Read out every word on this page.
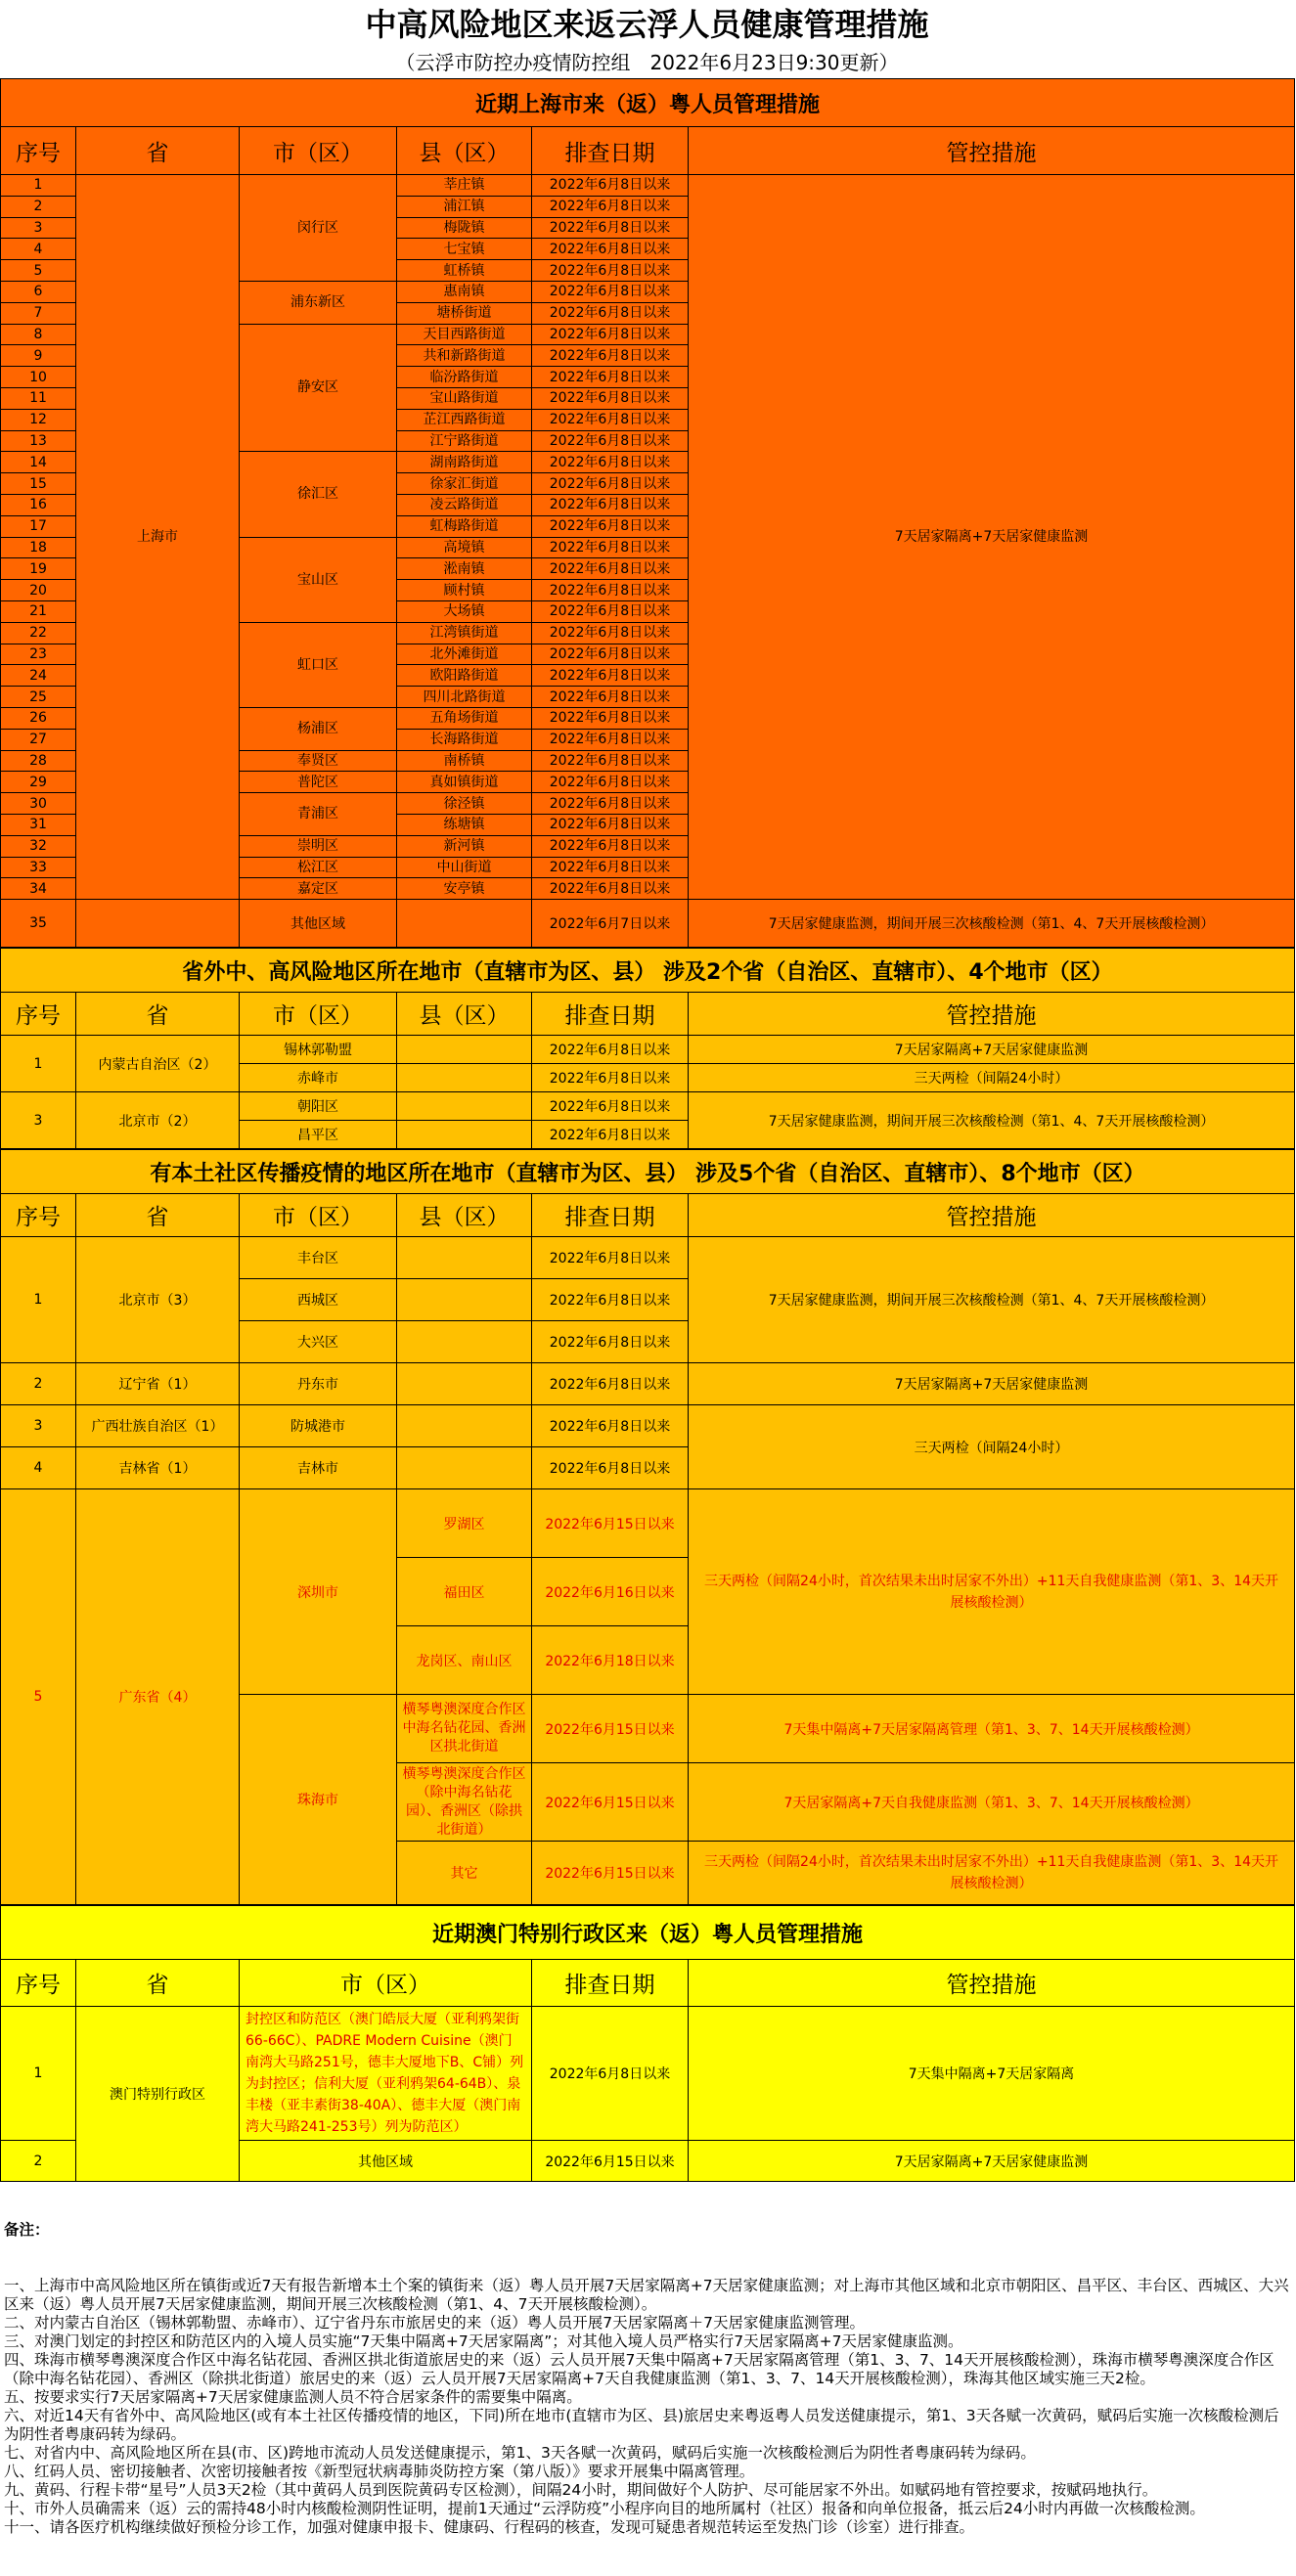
中高风险地区来返云浮人员健康管理措施
（云浮市防控办疫情防控组　2022年6月23日9:30更新）
近期上海市来（返）粤人员管理措施					
序号	省	市（区）	县（区）	排查日期	管控措施
1	上海市	闵行区	莘庄镇	2022年6月8日以来	7天居家隔离+7天居家健康监测
2			浦江镇	2022年6月8日以来	
3			梅陇镇	2022年6月8日以来	
4			七宝镇	2022年6月8日以来	
5			虹桥镇	2022年6月8日以来	
6		浦东新区	惠南镇	2022年6月8日以来	
7			塘桥街道	2022年6月8日以来	
8		静安区	天目西路街道	2022年6月8日以来	
9			共和新路街道	2022年6月8日以来	
10			临汾路街道	2022年6月8日以来	
11			宝山路街道	2022年6月8日以来	
12			芷江西路街道	2022年6月8日以来	
13			江宁路街道	2022年6月8日以来	
14		徐汇区	湖南路街道	2022年6月8日以来	
15			徐家汇街道	2022年6月8日以来	
16			凌云路街道	2022年6月8日以来	
17			虹梅路街道	2022年6月8日以来	
18		宝山区	高境镇	2022年6月8日以来	
19			淞南镇	2022年6月8日以来	
20			顾村镇	2022年6月8日以来	
21			大场镇	2022年6月8日以来	
22		虹口区	江湾镇街道	2022年6月8日以来	
23			北外滩街道	2022年6月8日以来	
24			欧阳路街道	2022年6月8日以来	
25			四川北路街道	2022年6月8日以来	
26		杨浦区	五角场街道	2022年6月8日以来	
27			长海路街道	2022年6月8日以来	
28		奉贤区	南桥镇	2022年6月8日以来	
29		普陀区	真如镇街道	2022年6月8日以来	
30		青浦区	徐泾镇	2022年6月8日以来	
31			练塘镇	2022年6月8日以来	
32		崇明区	新河镇	2022年6月8日以来	
33		松江区	中山街道	2022年6月8日以来	
34		嘉定区	安亭镇	2022年6月8日以来	
35		其他区域		2022年6月7日以来	7天居家健康监测，期间开展三次核酸检测（第1、4、7天开展核酸检测）
省外中、高风险地区所在地市（直辖市为区、县） 涉及2个省（自治区、直辖市）、4个地市（区）					
序号	省	市（区）	县（区）	排查日期	管控措施
1	内蒙古自治区（2）	锡林郭勒盟		2022年6月8日以来	7天居家隔离+7天居家健康监测
		赤峰市		2022年6月8日以来	三天两检（间隔24小时）
3	北京市（2）	朝阳区		2022年6月8日以来	7天居家健康监测，期间开展三次核酸检测（第1、4、7天开展核酸检测）
		昌平区		2022年6月8日以来	
有本土社区传播疫情的地区所在地市（直辖市为区、县） 涉及5个省（自治区、直辖市）、8个地市（区）					
序号	省	市（区）	县（区）	排查日期	管控措施
1	北京市（3）	丰台区		2022年6月8日以来	7天居家健康监测，期间开展三次核酸检测（第1、4、7天开展核酸检测）
		西城区		2022年6月8日以来	
		大兴区		2022年6月8日以来	
2	辽宁省（1）	丹东市		2022年6月8日以来	7天居家隔离+7天居家健康监测
3	广西壮族自治区（1）	防城港市		2022年6月8日以来	三天两检（间隔24小时）
4	吉林省（1）	吉林市		2022年6月8日以来	
5	广东省（4）	深圳市	罗湖区	2022年6月15日以来	三天两检（间隔24小时，首次结果未出时居家不外出）+11天自我健康监测（第1、3、14天开展核酸检测）
			福田区	2022年6月16日以来	
			龙岗区、南山区	2022年6月18日以来	
		珠海市	横琴粤澳深度合作区中海名钻花园、香洲区拱北街道	2022年6月15日以来	7天集中隔离+7天居家隔离管理（第1、3、7、14天开展核酸检测）
			横琴粤澳深度合作区（除中海名钻花园）、香洲区（除拱北街道）	2022年6月15日以来	7天居家隔离+7天自我健康监测（第1、3、7、14天开展核酸检测）
			其它	2022年6月15日以来	三天两检（间隔24小时，首次结果未出时居家不外出）+11天自我健康监测（第1、3、14天开展核酸检测）
近期澳门特别行政区来（返）粤人员管理措施				
序号	省	市（区）	排查日期	管控措施
1	澳门特别行政区	封控区和防范区（澳门皓辰大厦（亚利鸦架街66-66C）、PADRE Modern Cuisine（澳门南湾大马路251号，德丰大厦地下B、C铺）列为封控区；信利大厦（亚利鸦架64-64B）、泉丰楼（亚丰素街38-40A）、德丰大厦（澳门南湾大马路241-253号）列为防范区）	2022年6月8日以来	7天集中隔离+7天居家隔离
2		其他区域	2022年6月15日以来	7天居家隔离+7天居家健康监测

备注：

一、上海市中高风险地区所在镇街或近7天有报告新增本土个案的镇街来（返）粤人员开展7天居家隔离+7天居家健康监测；对上海市其他区域和北京市朝阳区、昌平区、丰台区、西城区、大兴区来（返）粤人员开展7天居家健康监测，期间开展三次核酸检测（第1、4、7天开展核酸检测）。
二、对内蒙古自治区（锡林郭勒盟、赤峰市）、辽宁省丹东市旅居史的来（返）粤人员开展7天居家隔离＋7天居家健康监测管理。
三、对澳门划定的封控区和防范区内的入境人员实施“7天集中隔离+7天居家隔离”；对其他入境人员严格实行7天居家隔离+7天居家健康监测。
四、珠海市横琴粤澳深度合作区中海名钻花园、香洲区拱北街道旅居史的来（返）云人员开展7天集中隔离+7天居家隔离管理（第1、3、7、14天开展核酸检测），珠海市横琴粤澳深度合作区（除中海名钻花园）、香洲区（除拱北街道）旅居史的来（返）云人员开展7天居家隔离+7天自我健康监测（第1、3、7、14天开展核酸检测），珠海其他区域实施三天2检。
五、按要求实行7天居家隔离+7天居家健康监测人员不符合居家条件的需要集中隔离。
六、对近14天有省外中、高风险地区(或有本土社区传播疫情的地区，下同)所在地市(直辖市为区、县)旅居史来粤返粤人员发送健康提示，第1、3天各赋一次黄码，赋码后实施一次核酸检测后为阴性者粤康码转为绿码。
七、对省内中、高风险地区所在县(市、区)跨地市流动人员发送健康提示，第1、3天各赋一次黄码，赋码后实施一次核酸检测后为阴性者粤康码转为绿码。
八、红码人员、密切接触者、次密切接触者按《新型冠状病毒肺炎防控方案（第八版）》要求开展集中隔离管理。
九、黄码、行程卡带“星号”人员3天2检（其中黄码人员到医院黄码专区检测），间隔24小时，期间做好个人防护、尽可能居家不外出。如赋码地有管控要求，按赋码地执行。
十、市外人员确需来（返）云的需持48小时内核酸检测阴性证明，提前1天通过“云浮防疫”小程序向目的地所属村（社区）报备和向单位报备，抵云后24小时内再做一次核酸检测。
十一、请各医疗机构继续做好预检分诊工作，加强对健康申报卡、健康码、行程码的核查，发现可疑患者规范转运至发热门诊（诊室）进行排查。
